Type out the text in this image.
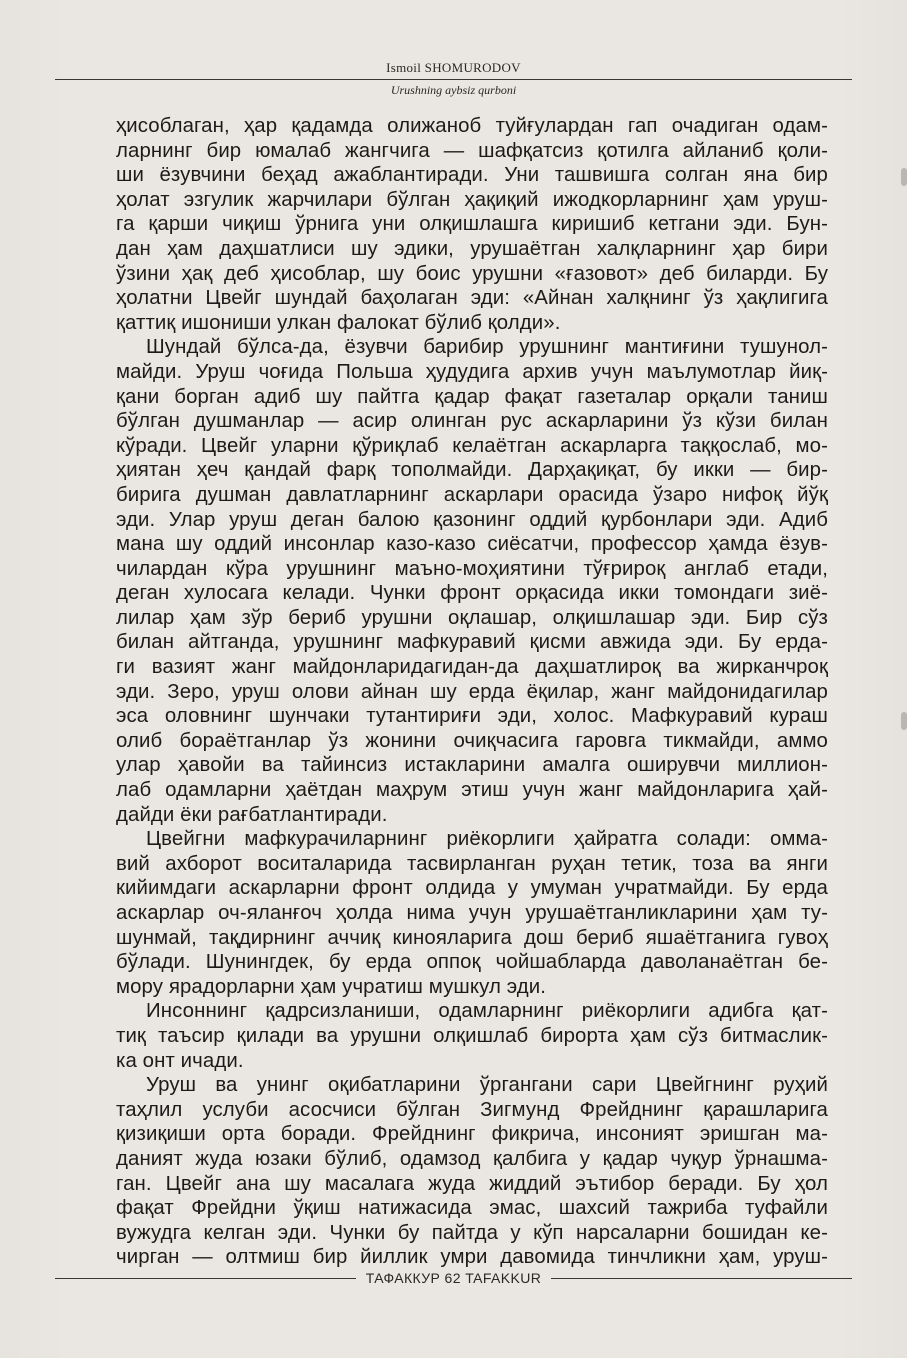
Ismoil SHOMURODOV
Urushning aybsiz qurboni
ҳисоблаган, ҳар қадамда олижаноб туйғулардан гап очадиган одам-
ларнинг бир юмалаб жангчига — шафқатсиз қотилга айланиб қоли-
ши ёзувчини беҳад ажаблантиради. Уни ташвишга солган яна бир
ҳолат эзгулик жарчилари бўлган ҳақиқий ижодкорларнинг ҳам уруш-
га қарши чиқиш ўрнига уни олқишлашга киришиб кетгани эди. Бун-
дан ҳам даҳшатлиси шу эдики, урушаётган халқларнинг ҳар бири
ўзини ҳақ деб ҳисоблар, шу боис урушни «ғазовот» деб биларди. Бу
ҳолатни Цвейг шундай баҳолаган эди: «Айнан халқнинг ўз ҳақлигига
қаттиқ ишониши улкан фалокат бўлиб қолди».
Шундай бўлса-да, ёзувчи барибир урушнинг мантиғини тушунол-
майди. Уруш чоғида Польша ҳудудига архив учун маълумотлар йиқ-
қани борган адиб шу пайтга қадар фақат газеталар орқали таниш
бўлган душманлар — асир олинган рус аскарларини ўз кўзи билан
кўради. Цвейг уларни қўриқлаб келаётган аскарларга таққослаб, мо-
ҳиятан ҳеч қандай фарқ тополмайди. Дарҳақиқат, бу икки — бир-
бирига душман давлатларнинг аскарлари орасида ўзаро нифоқ йўқ
эди. Улар уруш деган балою қазонинг оддий қурбонлари эди. Адиб
мана шу оддий инсонлар казо-казо сиёсатчи, профессор ҳамда ёзув-
чилардан кўра урушнинг маъно-моҳиятини тўғрироқ англаб етади,
деган хулосага келади. Чунки фронт орқасида икки томондаги зиё-
лилар ҳам зўр бериб урушни оқлашар, олқишлашар эди. Бир сўз
билан айтганда, урушнинг мафкуравий қисми авжида эди. Бу ерда-
ги вазият жанг майдонларидагидан-да даҳшатлироқ ва жирканчроқ
эди. Зеро, уруш олови айнан шу ерда ёқилар, жанг майдонидагилар
эса оловнинг шунчаки тутантириғи эди, холос. Мафкуравий кураш
олиб бораётганлар ўз жонини очиқчасига гаровга тикмайди, аммо
улар ҳавойи ва тайинсиз истакларини амалга оширувчи миллион-
лаб одамларни ҳаётдан маҳрум этиш учун жанг майдонларига ҳай-
дайди ёки рағбатлантиради.
Цвейгни мафкурачиларнинг риёкорлиги ҳайратга солади: омма-
вий ахборот воситаларида тасвирланган руҳан тетик, тоза ва янги
кийимдаги аскарларни фронт олдида у умуман учратмайди. Бу ерда
аскарлар оч-яланғоч ҳолда нима учун урушаётганликларини ҳам ту-
шунмай, тақдирнинг аччиқ кинояларига дош бериб яшаётганига гувоҳ
бўлади. Шунингдек, бу ерда оппоқ чойшабларда даволанаётган бе-
мору ярадорларни ҳам учратиш мушкул эди.
Инсоннинг қадрсизланиши, одамларнинг риёкорлиги адибга қат-
тиқ таъсир қилади ва урушни олқишлаб бирорта ҳам сўз битмаслик-
ка онт ичади.
Уруш ва унинг оқибатларини ўргангани сари Цвейгнинг руҳий
таҳлил услуби асосчиси бўлган Зигмунд Фрейднинг қарашларига
қизиқиши орта боради. Фрейднинг фикрича, инсоният эришган ма-
даният жуда юзаки бўлиб, одамзод қалбига у қадар чуқур ўрнашма-
ган. Цвейг ана шу масалага жуда жиддий эътибор беради. Бу ҳол
фақат Фрейдни ўқиш натижасида эмас, шахсий тажриба туфайли
вужудга келган эди. Чунки бу пайтда у кўп нарсаларни бошидан ке-
чирган — олтмиш бир йиллик умри давомида тинчликни ҳам, уруш-
ТАФАККУР 62 TAFAKKUR
